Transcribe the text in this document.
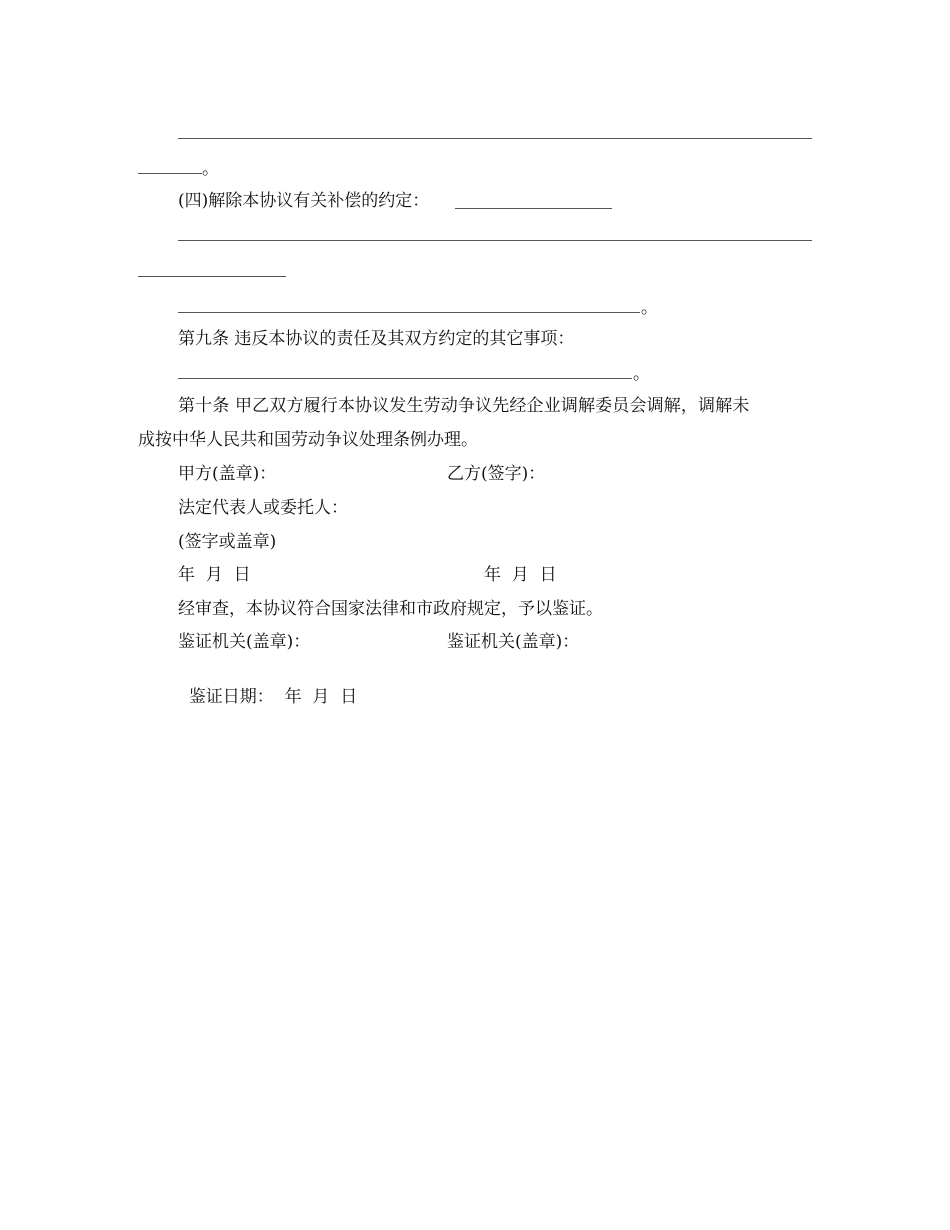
。
(四)解除本协议有关补偿的约定：
。
第九条 违反本协议的责任及其双方约定的其它事项：
。
第十条 甲乙双方履行本协议发生劳动争议先经企业调解委员会调解，调解未
成按中华人民共和国劳动争议处理条例办理。
甲方(盖章)：	乙方(签字)：
法定代表人或委托人：
(签字或盖章)
年  月  日	年  月  日
经审查，本协议符合国家法律和市政府规定，予以鉴证。
鉴证机关(盖章)：	鉴证机关(盖章)：

鉴证日期： 年  月  日
